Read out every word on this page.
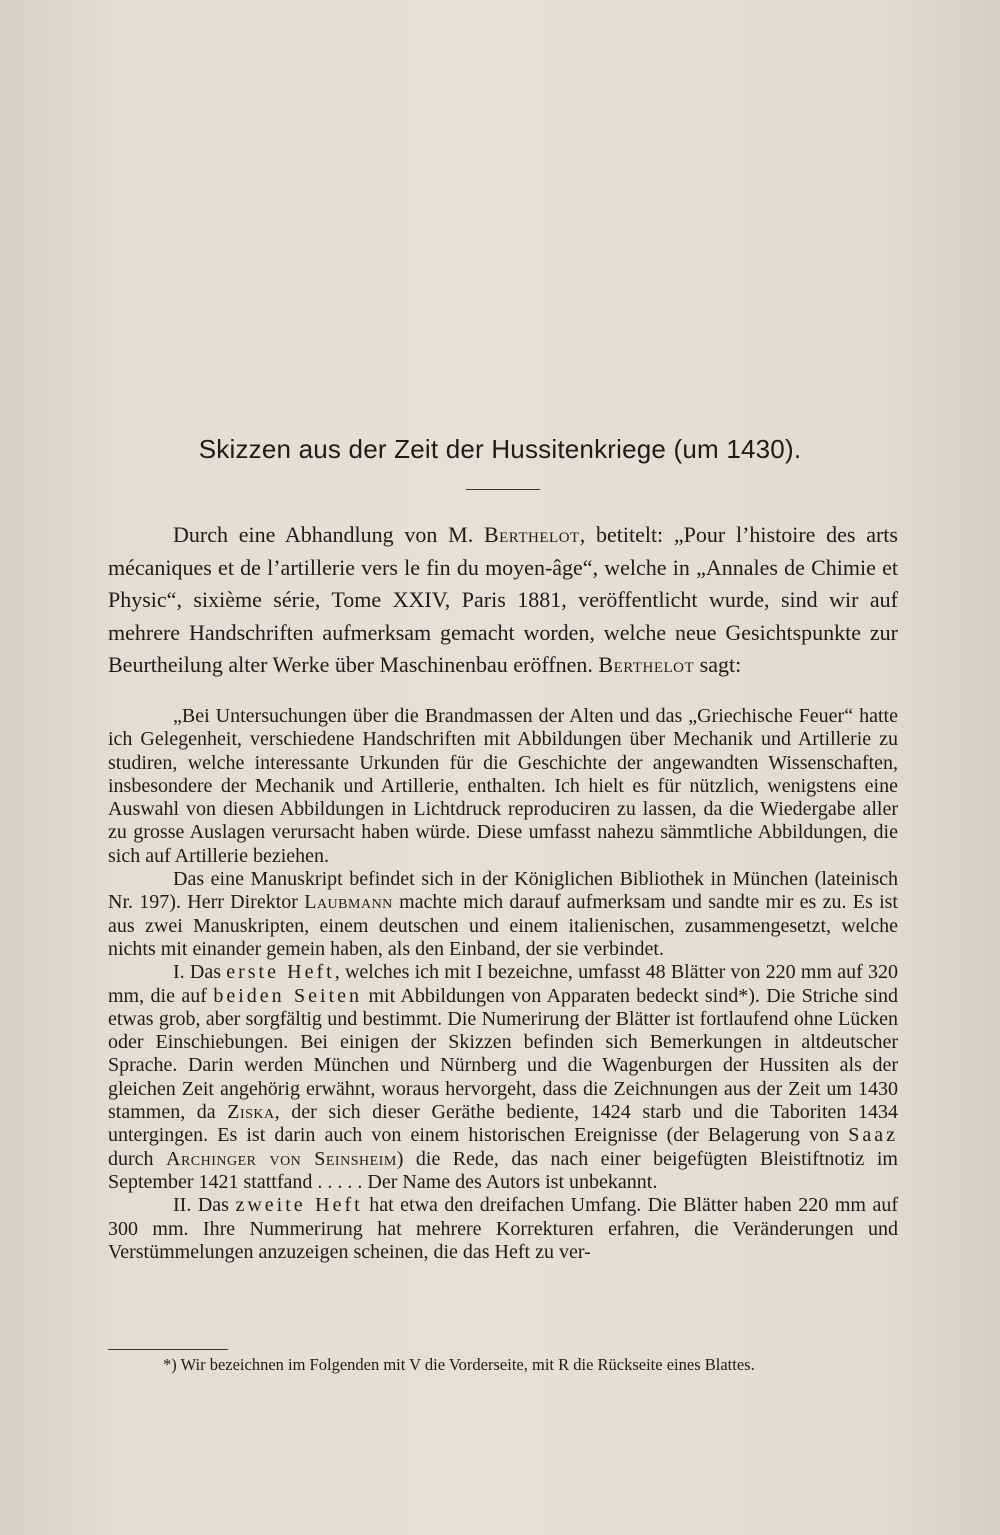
Skizzen aus der Zeit der Hussitenkriege (um 1430).

Durch eine Abhandlung von M. Berthelot, betitelt: „Pour l’histoire des arts mécaniques et de l’artillerie vers le fin du moyen-âge“, welche in „Annales de Chimie et Physic“, sixième série, Tome XXIV, Paris 1881, veröffentlicht wurde, sind wir auf mehrere Handschriften aufmerksam gemacht worden, welche neue Gesichtspunkte zur Beurtheilung alter Werke über Maschinenbau eröffnen. Berthelot sagt:

„Bei Untersuchungen über die Brandmassen der Alten und das „Griechische Feuer“ hatte ich Gelegenheit, verschiedene Handschriften mit Abbildungen über Mechanik und Artillerie zu studiren, welche interessante Urkunden für die Geschichte der angewandten Wissenschaften, insbesondere der Mechanik und Artillerie, enthalten. Ich hielt es für nützlich, wenigstens eine Auswahl von diesen Abbildungen in Lichtdruck reproduciren zu lassen, da die Wiedergabe aller zu grosse Auslagen verursacht haben würde. Diese umfasst nahezu sämmtliche Abbildungen, die sich auf Artillerie beziehen.

Das eine Manuskript befindet sich in der Königlichen Bibliothek in München (lateinisch Nr. 197). Herr Direktor Laubmann machte mich darauf aufmerksam und sandte mir es zu. Es ist aus zwei Manuskripten, einem deutschen und einem italienischen, zusammengesetzt, welche nichts mit einander gemein haben, als den Einband, der sie verbindet.

I. Das erste Heft, welches ich mit I bezeichne, umfasst 48 Blätter von 220 mm auf 320 mm, die auf beiden Seiten mit Abbildungen von Apparaten bedeckt sind*). Die Striche sind etwas grob, aber sorgfältig und bestimmt. Die Numerirung der Blätter ist fortlaufend ohne Lücken oder Einschiebungen. Bei einigen der Skizzen befinden sich Bemerkungen in altdeutscher Sprache. Darin werden München und Nürnberg und die Wagenburgen der Hussiten als der gleichen Zeit angehörig erwähnt, woraus hervorgeht, dass die Zeichnungen aus der Zeit um 1430 stammen, da Ziska, der sich dieser Geräthe bediente, 1424 starb und die Taboriten 1434 untergingen. Es ist darin auch von einem historischen Ereignisse (der Belagerung von Saaz durch Archinger von Seinsheim) die Rede, das nach einer beigefügten Bleistiftnotiz im September 1421 stattfand . . . . . Der Name des Autors ist unbekannt.

II. Das zweite Heft hat etwa den dreifachen Umfang. Die Blätter haben 220 mm auf 300 mm. Ihre Nummerirung hat mehrere Korrekturen erfahren, die Veränderungen und Verstümmelungen anzuzeigen scheinen, die das Heft zu ver-

*) Wir bezeichnen im Folgenden mit V die Vorderseite, mit R die Rückseite eines Blattes.
